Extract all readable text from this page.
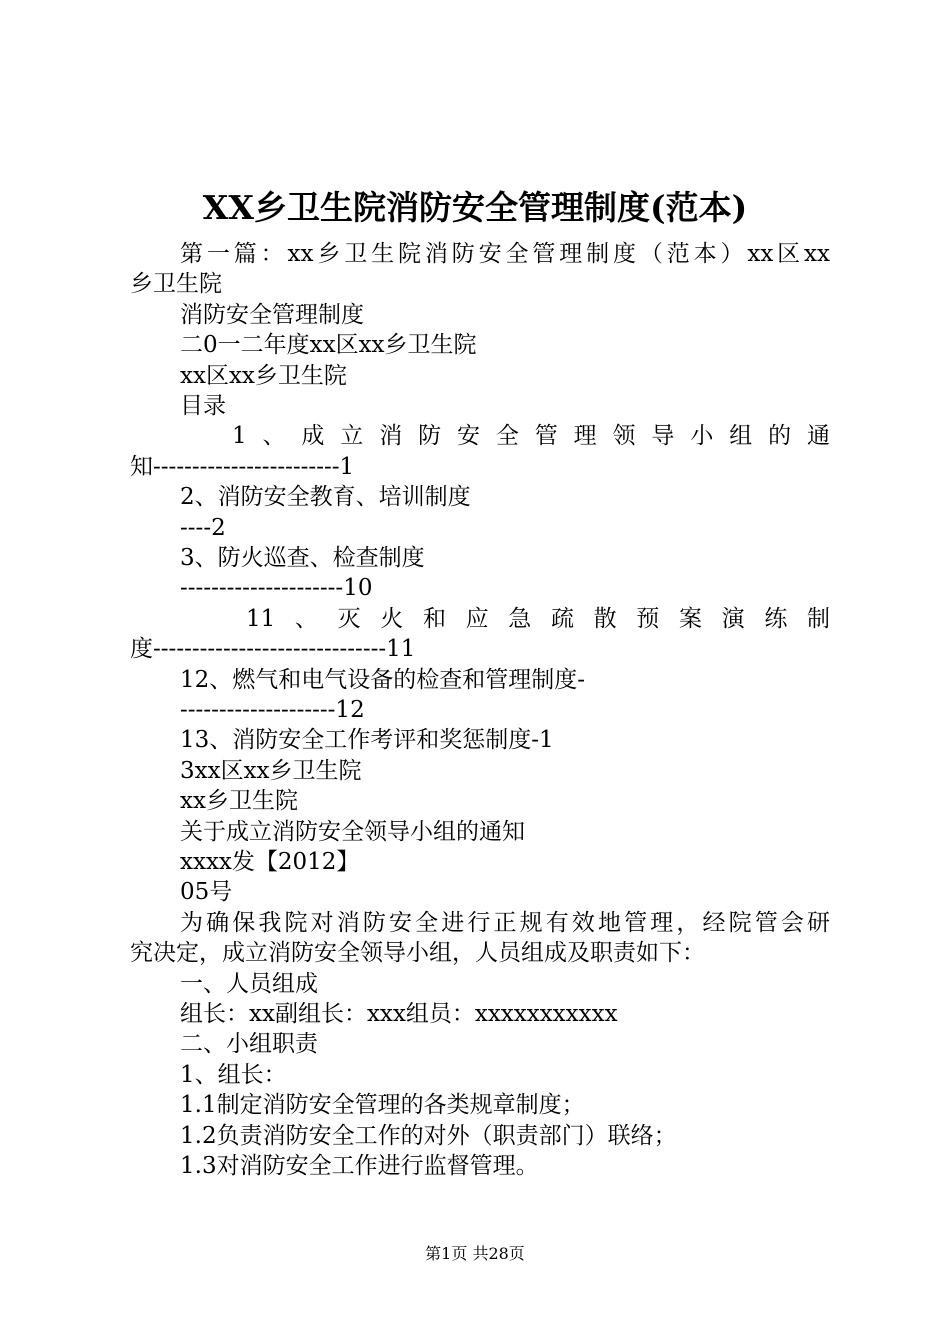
XX乡卫生院消防安全管理制度(范本)
第一篇：xx乡卫生院消防安全管理制度（范本）xx区xx
乡卫生院
消防安全管理制度
二0一二年度xx区xx乡卫生院
xx区xx乡卫生院
目录
1、成立消防安全管理领导小组的通
知------------------------1
2、消防安全教育、培训制度
----2
3、防火巡查、检查制度
---------------------10
11、灭火和应急疏散预案演练制
度------------------------------11
12、燃气和电气设备的检查和管理制度-
--------------------12
13、消防安全工作考评和奖惩制度-1
3xx区xx乡卫生院
xx乡卫生院
关于成立消防安全领导小组的通知
xxxx发【2012】
05号
为确保我院对消防安全进行正规有效地管理，经院管会研
究决定，成立消防安全领导小组，人员组成及职责如下：
一、人员组成
组长：xx副组长：xxx组员：xxxxxxxxxxx
二、小组职责
1、组长：
1.1制定消防安全管理的各类规章制度；
1.2负责消防安全工作的对外（职责部门）联络；
1.3对消防安全工作进行监督管理。
第1页 共28页
